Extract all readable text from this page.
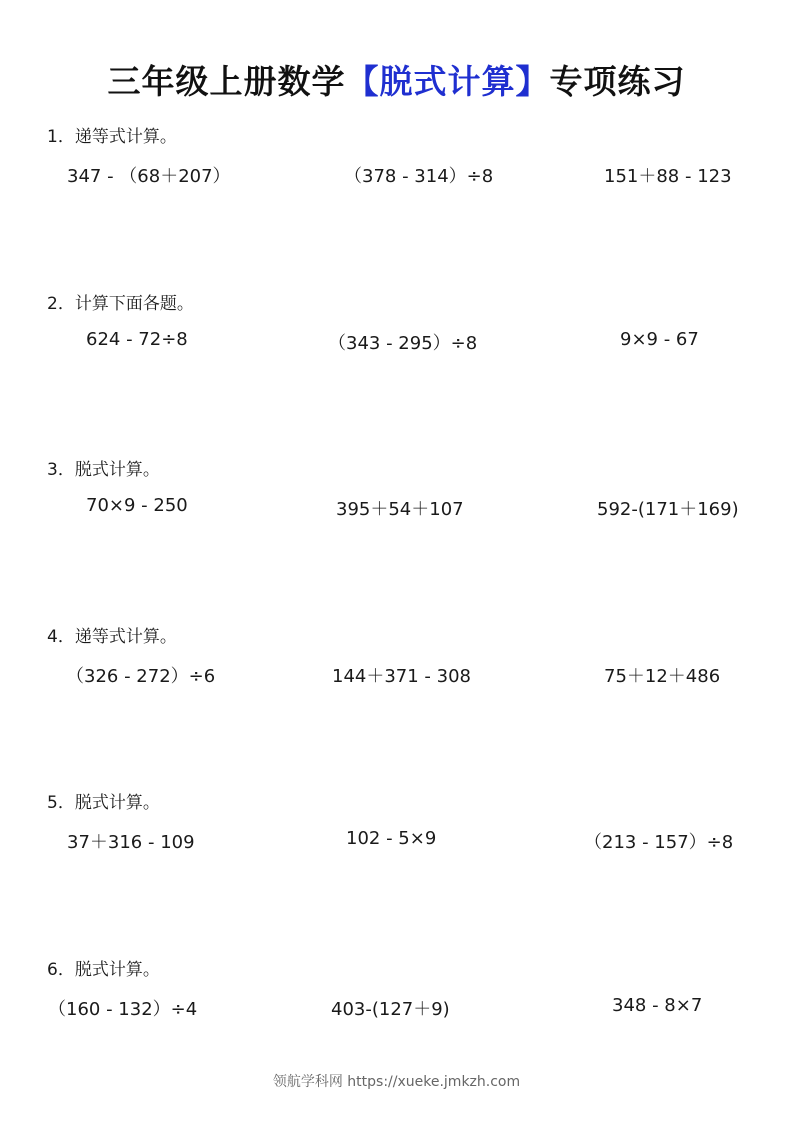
三年级上册数学【脱式计算】专项练习
1．递等式计算。
347 - （68＋207）	（378 - 314）÷8	151＋88 - 123
2．计算下面各题。
624 - 72÷8	（343 - 295）÷8	9×9 - 67
3．脱式计算。
70×9 - 250	395＋54＋107	592-(171＋169)
4．递等式计算。
（326 - 272）÷6	144＋371 - 308	75＋12＋486
5．脱式计算。
37＋316 - 109	102 - 5×9	（213 - 157）÷8
6．脱式计算。
（160 - 132）÷4	403-(127＋9)	348 - 8×7
领航学科网 https://xueke.jmkzh.com
